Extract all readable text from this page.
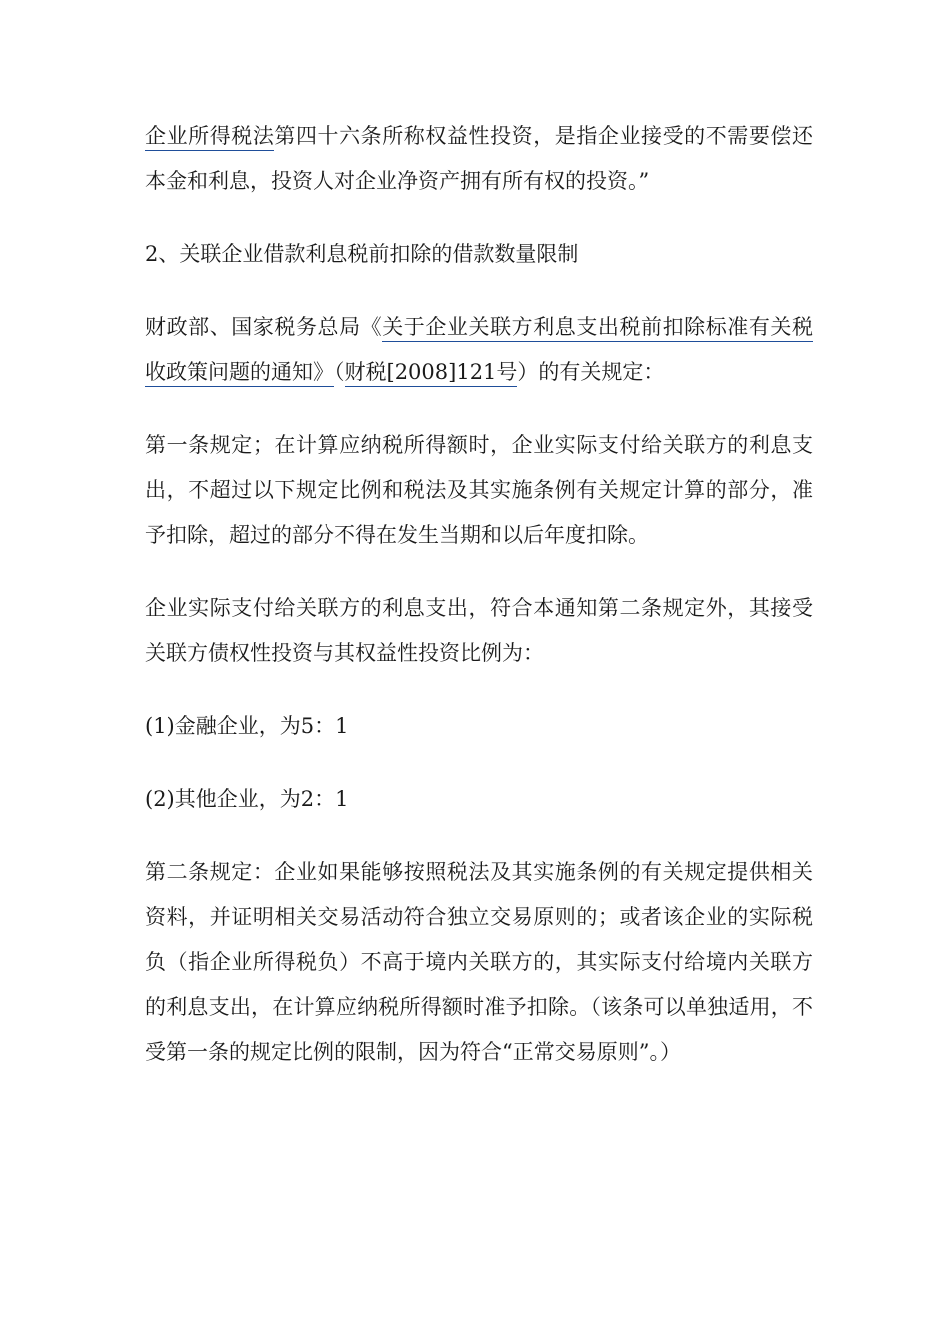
企业所得税法第四十六条所称权益性投资，是指企业接受的不需要偿还本金和利息，投资人对企业净资产拥有所有权的投资。”

2、关联企业借款利息税前扣除的借款数量限制

财政部、国家税务总局《关于企业关联方利息支出税前扣除标准有关税收政策问题的通知》（财税[2008]121号）的有关规定：

第一条规定；在计算应纳税所得额时，企业实际支付给关联方的利息支出，不超过以下规定比例和税法及其实施条例有关规定计算的部分，准予扣除，超过的部分不得在发生当期和以后年度扣除。

企业实际支付给关联方的利息支出，符合本通知第二条规定外，其接受关联方债权性投资与其权益性投资比例为：

(1)金融企业，为5：1

(2)其他企业，为2：1

第二条规定：企业如果能够按照税法及其实施条例的有关规定提供相关资料，并证明相关交易活动符合独立交易原则的；或者该企业的实际税负（指企业所得税负）不高于境内关联方的，其实际支付给境内关联方的利息支出，在计算应纳税所得额时准予扣除。（该条可以单独适用，不受第一条的规定比例的限制，因为符合“正常交易原则”。）
